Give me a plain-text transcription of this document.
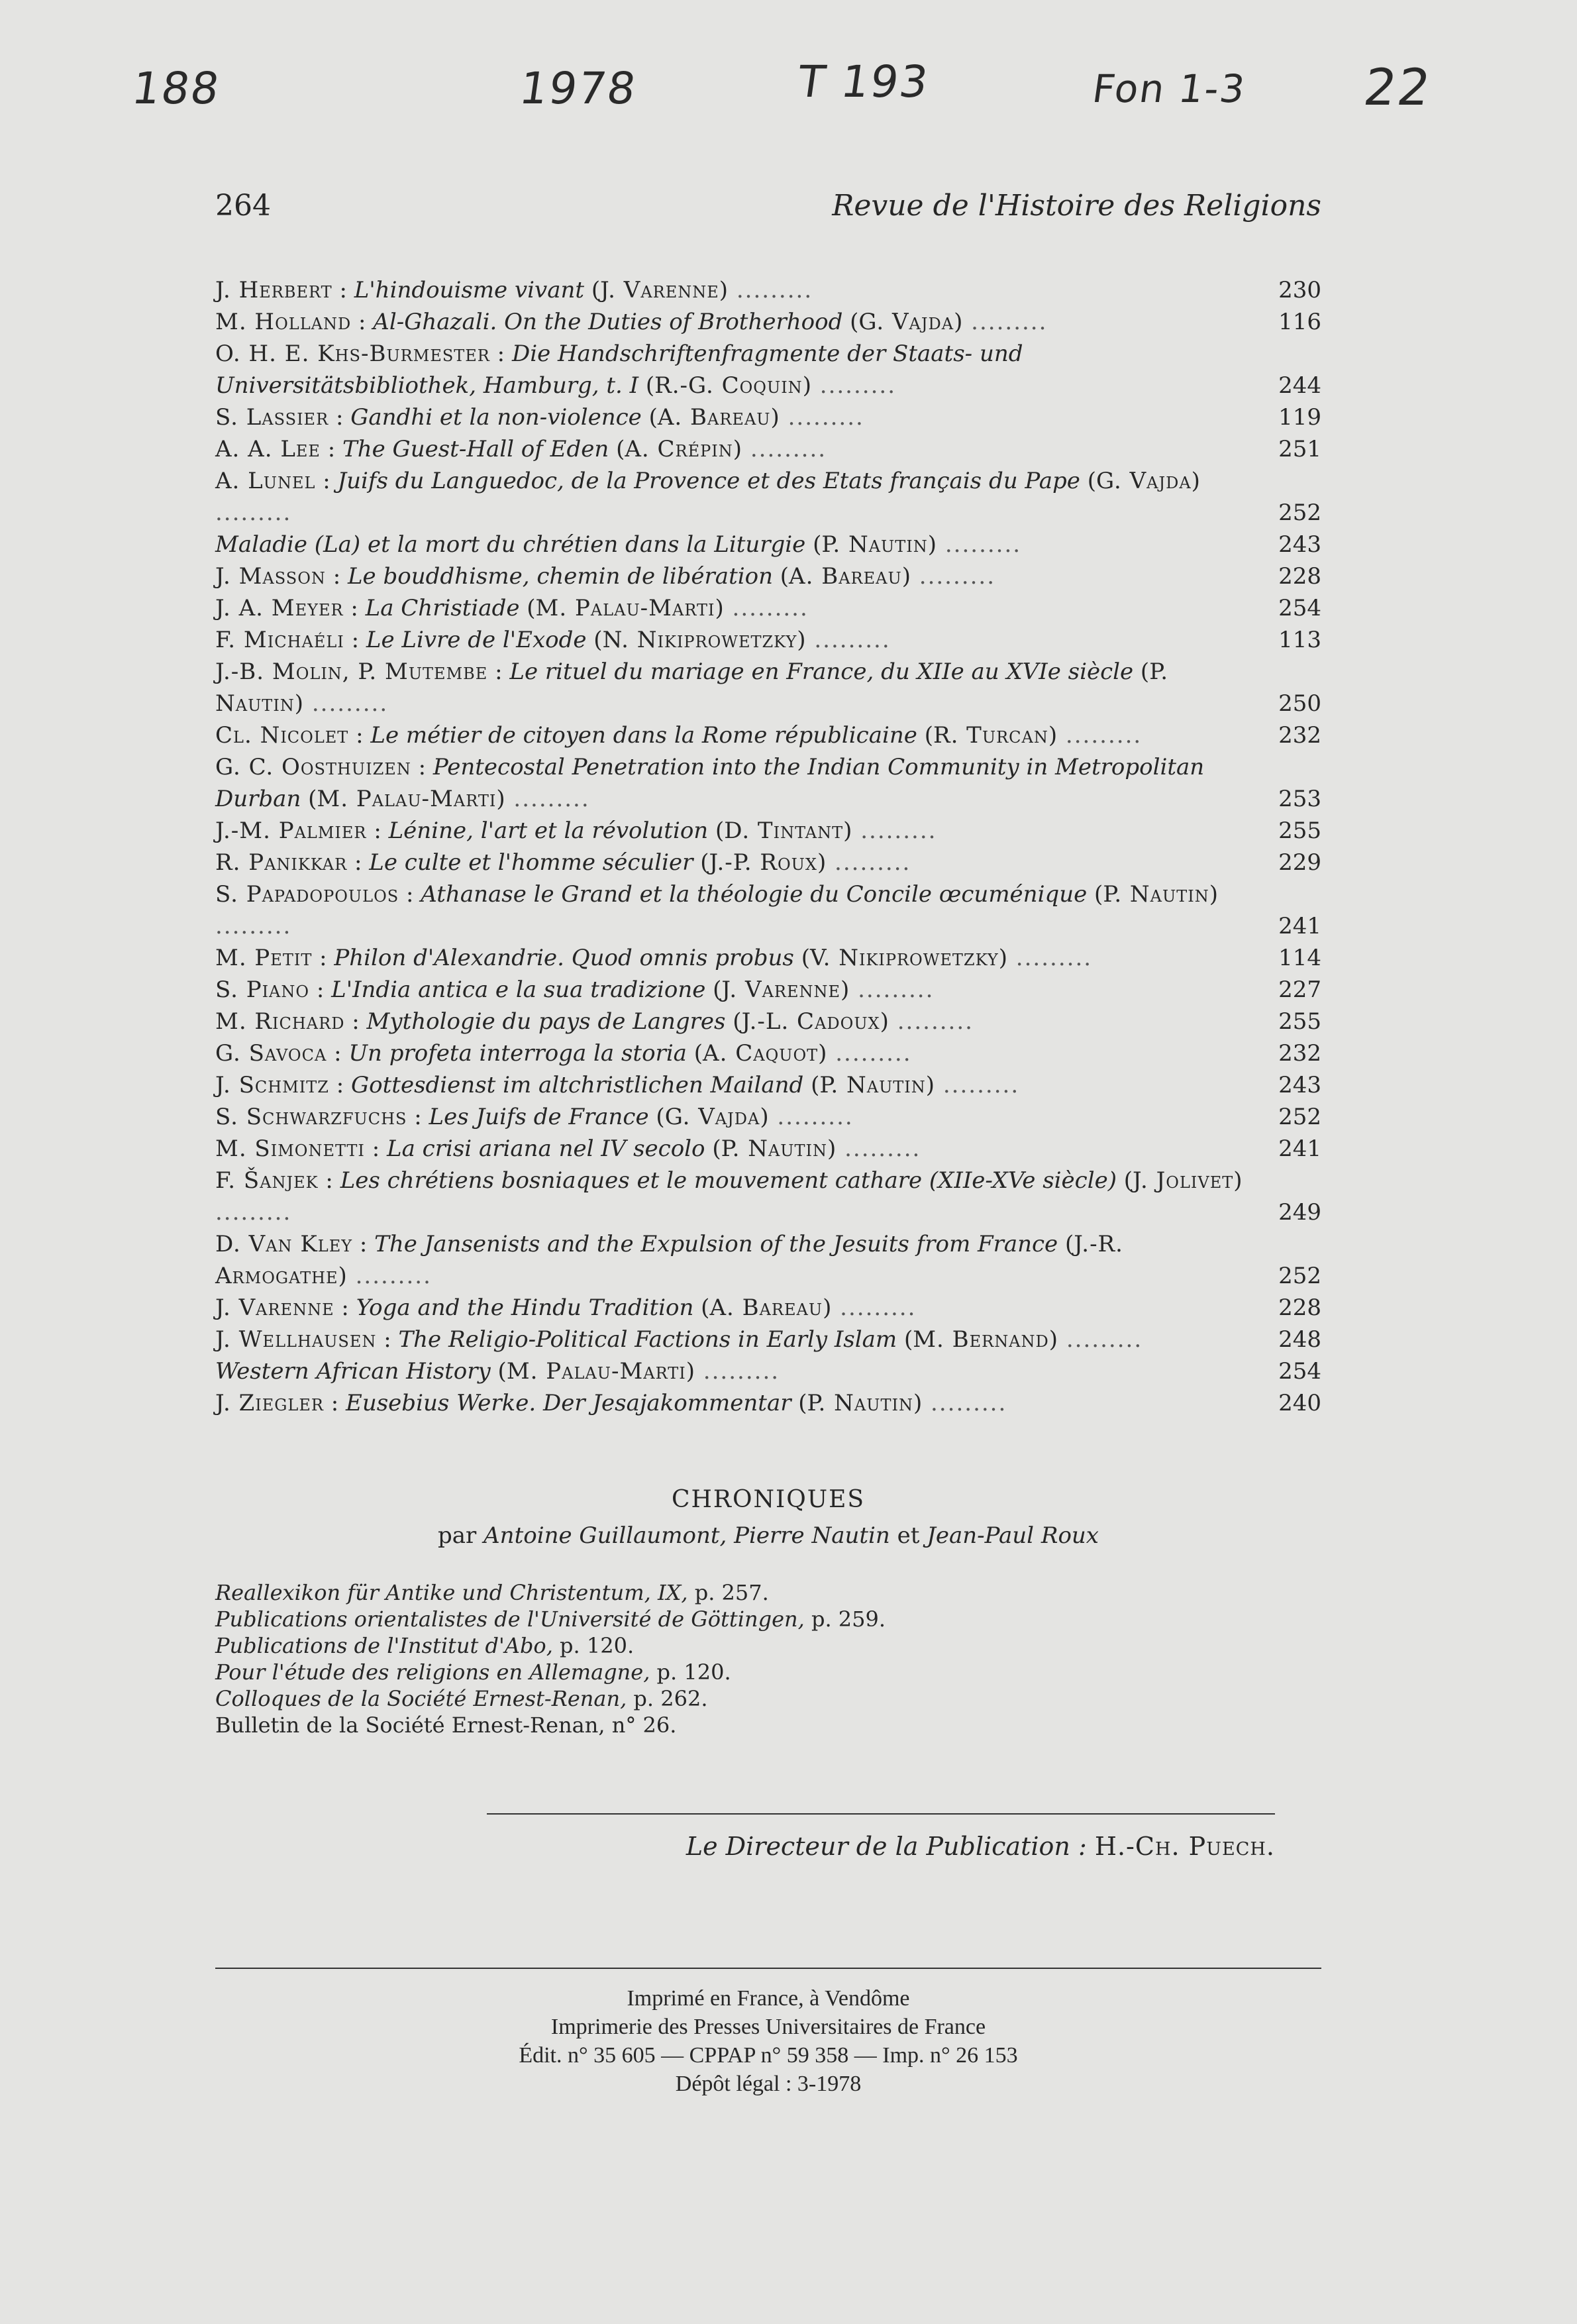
188	1978	T 193	Fon 1-3 22
264	Revue de l'Histoire des Religions
J. Herbert : L'hindouisme vivant (J. Varenne) .........	230
M. Holland : Al-Ghazali. On the Duties of Brotherhood (G. Vajda) .........	116
O. H. E. Khs-Burmester : Die Handschriftenfragmente der Staats- und Universitätsbibliothek, Hamburg, t. I (R.-G. Coquin) .........	244
S. Lassier : Gandhi et la non-violence (A. Bareau) .........	119
A. A. Lee : The Guest-Hall of Eden (A. Crépin) .........	251
A. Lunel : Juifs du Languedoc, de la Provence et des Etats français du Pape (G. Vajda) .........	252
Maladie (La) et la mort du chrétien dans la Liturgie (P. Nautin) .........	243
J. Masson : Le bouddhisme, chemin de libération (A. Bareau) .........	228
J. A. Meyer : La Christiade (M. Palau-Marti) .........	254
F. Michaéli : Le Livre de l'Exode (N. Nikiprowetzky) .........	113
J.-B. Molin, P. Mutembe : Le rituel du mariage en France, du XIIe au XVIe siècle (P. Nautin) .........	250
Cl. Nicolet : Le métier de citoyen dans la Rome républicaine (R. Turcan) .........	232
G. C. Oosthuizen : Pentecostal Penetration into the Indian Community in Metropolitan Durban (M. Palau-Marti) .........	253
J.-M. Palmier : Lénine, l'art et la révolution (D. Tintant) .........	255
R. Panikkar : Le culte et l'homme séculier (J.-P. Roux) .........	229
S. Papadopoulos : Athanase le Grand et la théologie du Concile œcuménique (P. Nautin) .........	241
M. Petit : Philon d'Alexandrie. Quod omnis probus (V. Nikiprowetzky) .........	114
S. Piano : L'India antica e la sua tradizione (J. Varenne) .........	227
M. Richard : Mythologie du pays de Langres (J.-L. Cadoux) .........	255
G. Savoca : Un profeta interroga la storia (A. Caquot) .........	232
J. Schmitz : Gottesdienst im altchristlichen Mailand (P. Nautin) .........	243
S. Schwarzfuchs : Les Juifs de France (G. Vajda) .........	252
M. Simonetti : La crisi ariana nel IV secolo (P. Nautin) .........	241
F. Šanjek : Les chrétiens bosniaques et le mouvement cathare (XIIe-XVe siècle) (J. Jolivet) .........	249
D. Van Kley : The Jansenists and the Expulsion of the Jesuits from France (J.-R. Armogathe) .........	252
J. Varenne : Yoga and the Hindu Tradition (A. Bareau) .........	228
J. Wellhausen : The Religio-Political Factions in Early Islam (M. Bernand) .........	248
Western African History (M. Palau-Marti) .........	254
J. Ziegler : Eusebius Werke. Der Jesajakommentar (P. Nautin) .........	240
CHRONIQUES
par Antoine Guillaumont, Pierre Nautin et Jean-Paul Roux
Reallexikon für Antike und Christentum, IX, p. 257.
Publications orientalistes de l'Université de Göttingen, p. 259.
Publications de l'Institut d'Abo, p. 120.
Pour l'étude des religions en Allemagne, p. 120.
Colloques de la Société Ernest-Renan, p. 262.
Bulletin de la Société Ernest-Renan, n° 26.
Le Directeur de la Publication : H.-Ch. Puech.
Imprimé en France, à Vendôme
Imprimerie des Presses Universitaires de France
Édit. n° 35 605 — CPPAP n° 59 358 — Imp. n° 26 153
Dépôt légal : 3-1978
